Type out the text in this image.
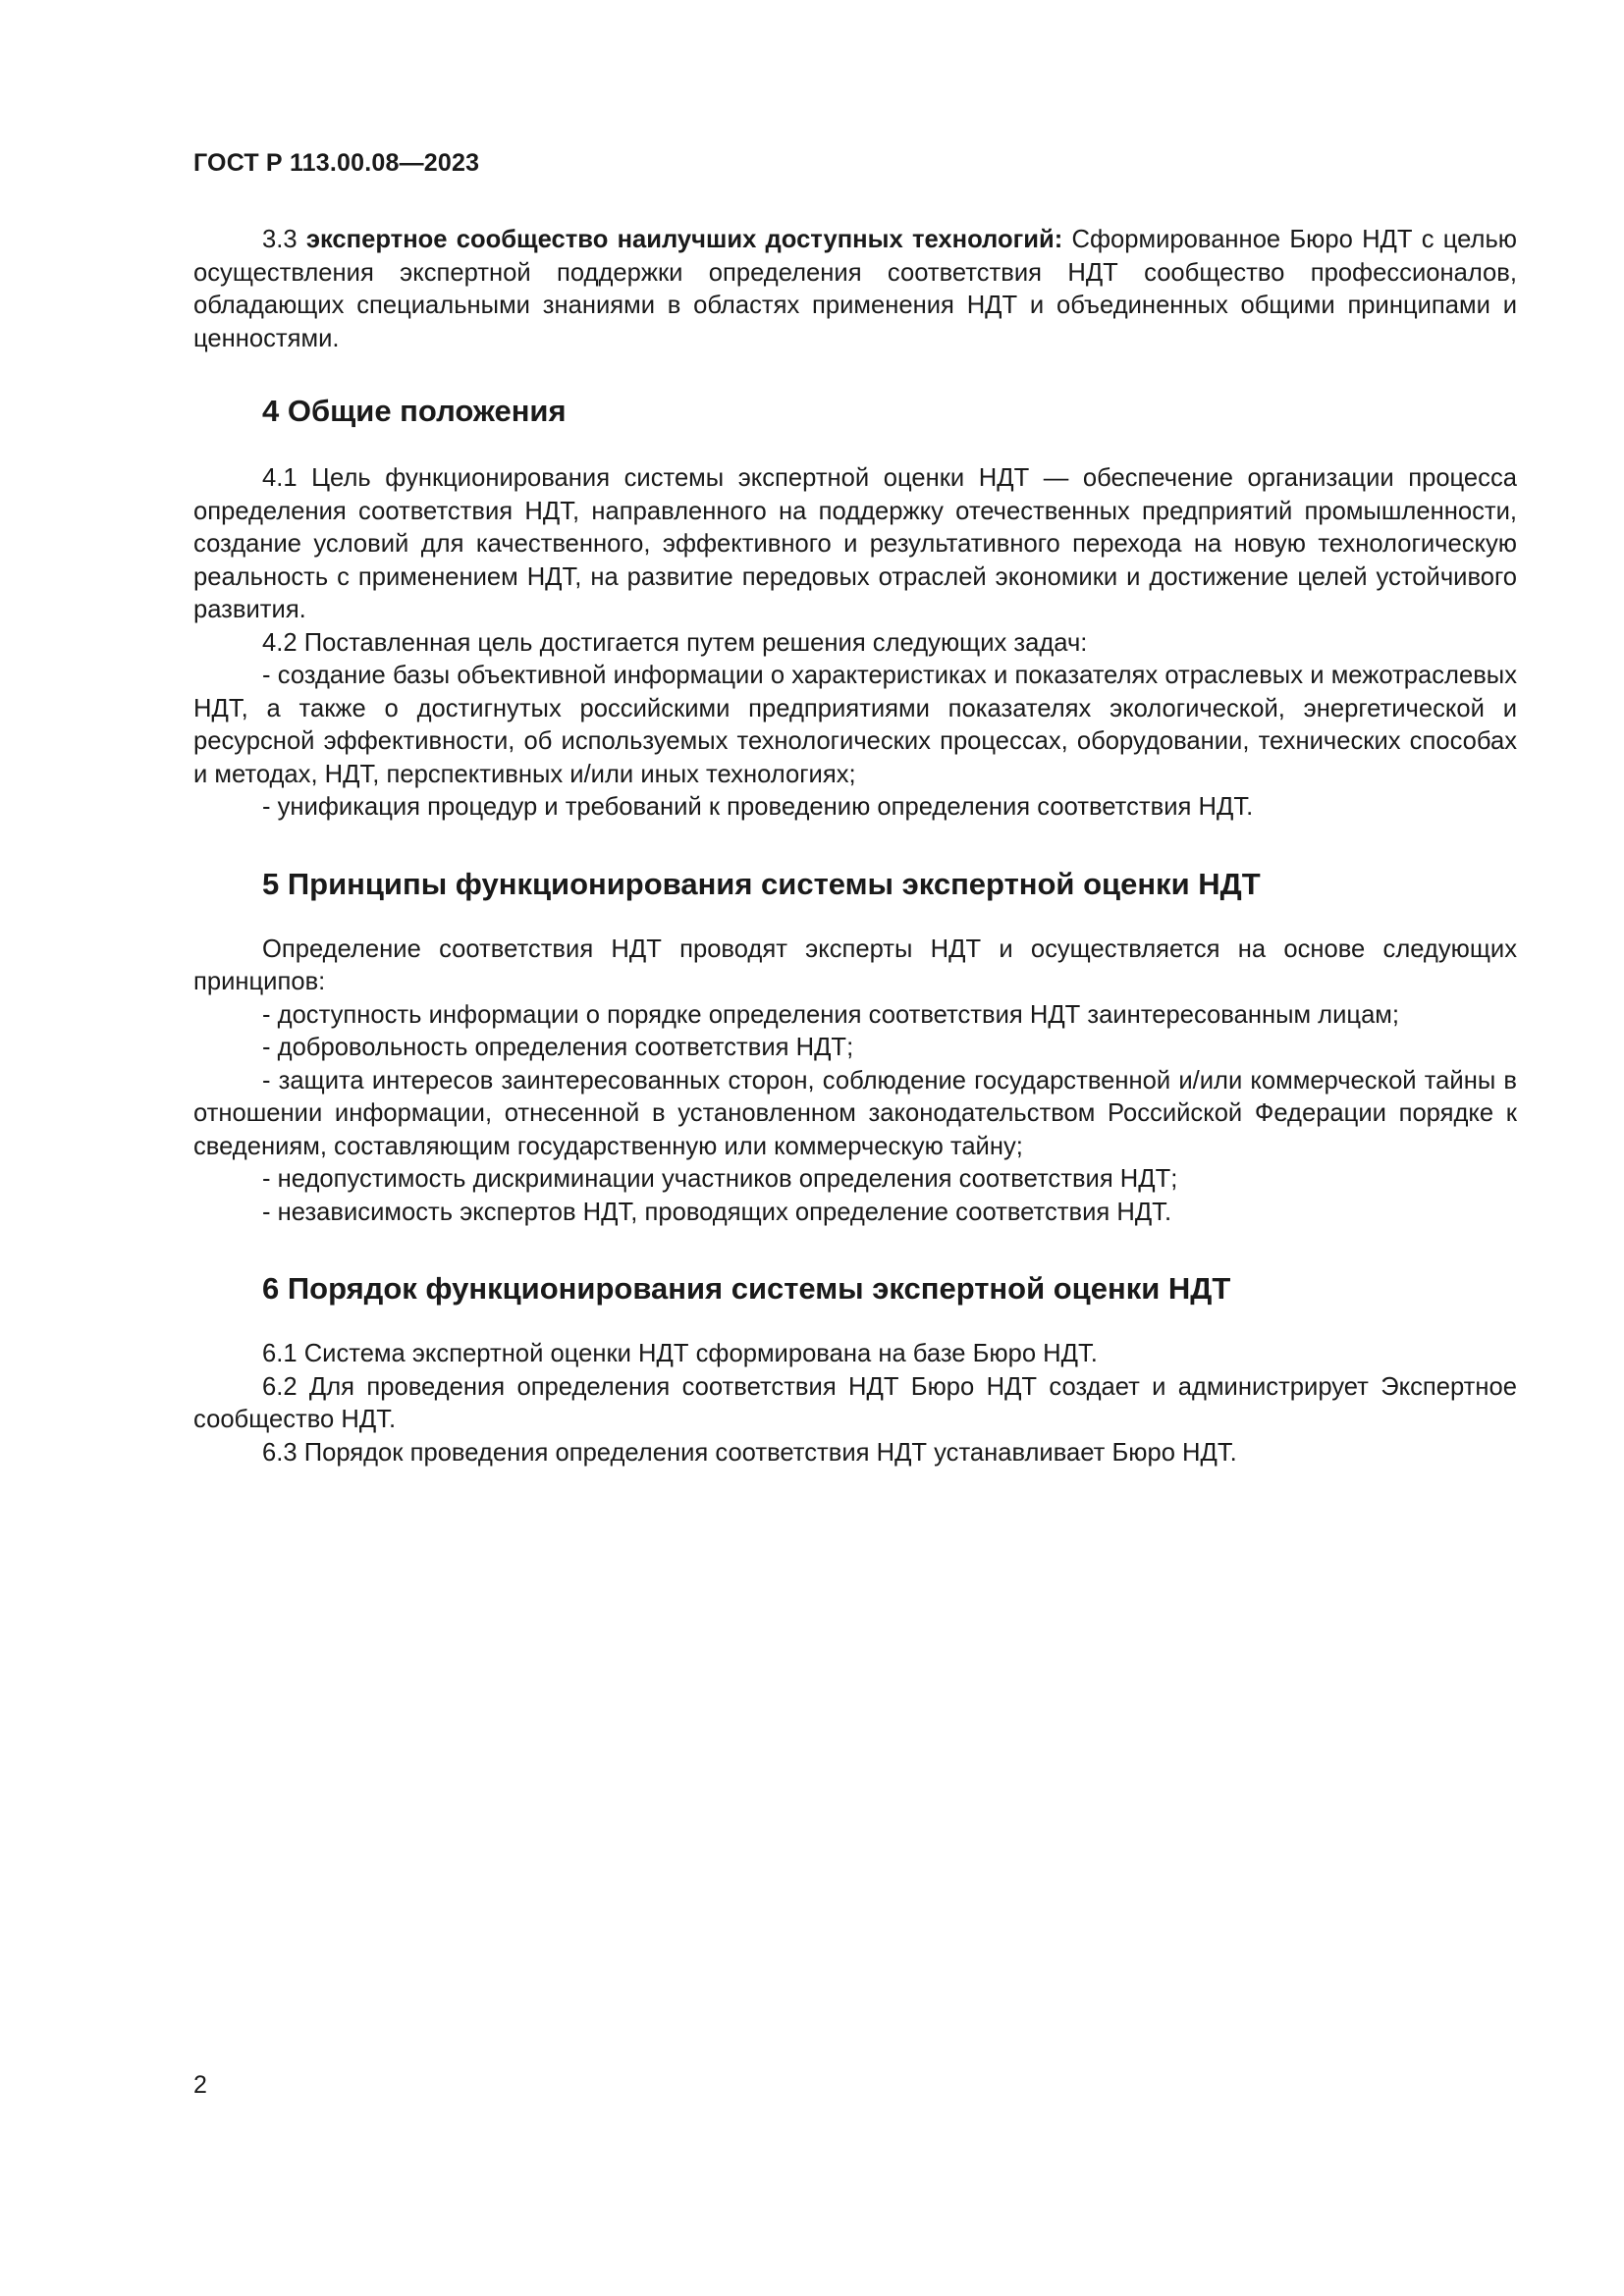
ГОСТ Р 113.00.08—2023

3.3 экспертное сообщество наилучших доступных технологий: Сформированное Бюро НДТ с целью осуществления экспертной поддержки определения соответствия НДТ сообщество профессионалов, обладающих специальными знаниями в областях применения НДТ и объединенных общими принципами и ценностями.

4 Общие положения

4.1 Цель функционирования системы экспертной оценки НДТ — обеспечение организации процесса определения соответствия НДТ, направленного на поддержку отечественных предприятий промышленности, создание условий для качественного, эффективного и результативного перехода на новую технологическую реальность с применением НДТ, на развитие передовых отраслей экономики и достижение целей устойчивого развития.

4.2 Поставленная цель достигается путем решения следующих задач:

- создание базы объективной информации о характеристиках и показателях отраслевых и межотраслевых НДТ, а также о достигнутых российскими предприятиями показателях экологической, энергетической и ресурсной эффективности, об используемых технологических процессах, оборудовании, технических способах и методах, НДТ, перспективных и/или иных технологиях;

- унификация процедур и требований к проведению определения соответствия НДТ.

5 Принципы функционирования системы экспертной оценки НДТ

Определение соответствия НДТ проводят эксперты НДТ и осуществляется на основе следующих принципов:

- доступность информации о порядке определения соответствия НДТ заинтересованным лицам;

- добровольность определения соответствия НДТ;

- защита интересов заинтересованных сторон, соблюдение государственной и/или коммерческой тайны в отношении информации, отнесенной в установленном законодательством Российской Федерации порядке к сведениям, составляющим государственную или коммерческую тайну;

- недопустимость дискриминации участников определения соответствия НДТ;

- независимость экспертов НДТ, проводящих определение соответствия НДТ.

6 Порядок функционирования системы экспертной оценки НДТ

6.1 Система экспертной оценки НДТ сформирована на базе Бюро НДТ.

6.2 Для проведения определения соответствия НДТ Бюро НДТ создает и администрирует Экспертное сообщество НДТ.

6.3 Порядок проведения определения соответствия НДТ устанавливает Бюро НДТ.

2
